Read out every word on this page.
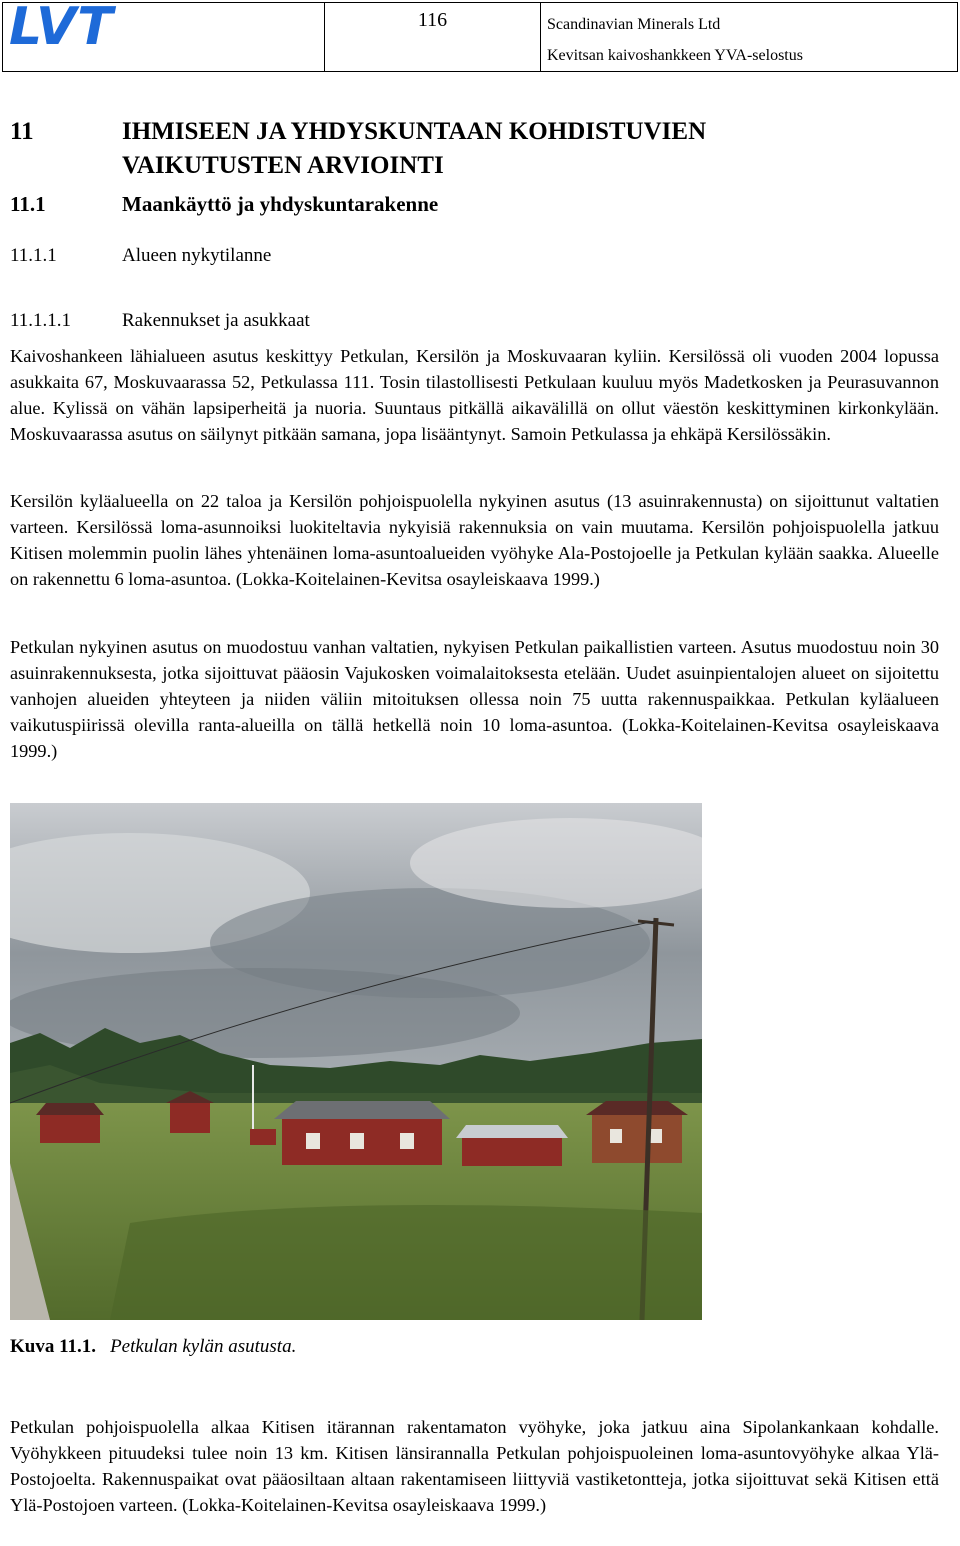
LVT	116	Scandinavian Minerals Ltd
Kevitsan kaivoshankkeen YVA-selostus
11	IHMISEEN JA YHDYSKUNTAAN KOHDISTUVIEN
VAIKUTUSTEN ARVIOINTI
11.1	Maankäyttö ja yhdyskuntarakenne
11.1.1	Alueen nykytilanne
11.1.1.1	Rakennukset ja asukkaat

Kaivoshankeen lähialueen asutus keskittyy Petkulan, Kersilön ja Moskuvaaran kyliin. Kersilössä oli vuoden 2004 lopussa asukkaita 67, Moskuvaarassa 52, Petkulassa 111. Tosin tilastollisesti Petkulaan kuuluu myös Madetkosken ja Peurasuvannon alue. Kylissä on vähän lapsiperheitä ja nuoria. Suuntaus pitkällä aikavälillä on ollut väestön keskittyminen kirkonkylään. Moskuvaarassa asutus on säilynyt pitkään samana, jopa lisääntynyt. Samoin Petkulassa ja ehkäpä Kersilössäkin.

Kersilön kyläalueella on 22 taloa ja Kersilön pohjoispuolella nykyinen asutus (13 asuinrakennusta) on sijoittunut valtatien varteen. Kersilössä loma-asunnoiksi luokiteltavia nykyisiä rakennuksia on vain muutama. Kersilön pohjoispuolella jatkuu Kitisen molemmin puolin lähes yhtenäinen loma-asuntoalueiden vyöhyke Ala-Postojoelle ja Petkulan kylään saakka. Alueelle on rakennettu 6 loma-asuntoa. (Lokka-Koitelainen-Kevitsa osayleiskaava 1999.)

Petkulan nykyinen asutus on muodostuu vanhan valtatien, nykyisen Petkulan paikallistien varteen. Asutus muodostuu noin 30 asuinrakennuksesta, jotka sijoittuvat pääosin Vajukosken voimalaitoksesta etelään. Uudet asuinpientalojen alueet on sijoitettu vanhojen alueiden yhteyteen ja niiden väliin mitoituksen ollessa noin 75 uutta rakennuspaikkaa. Petkulan kyläalueen vaikutuspiirissä olevilla ranta-alueilla on tällä hetkellä noin 10 loma-asuntoa. (Lokka-Koitelainen-Kevitsa osayleiskaava 1999.)

Kuva 11.1. Petkulan kylän asutusta.

Petkulan pohjoispuolella alkaa Kitisen itärannan rakentamaton vyöhyke, joka jatkuu aina Sipolankankaan kohdalle. Vyöhykkeen pituudeksi tulee noin 13 km. Kitisen länsirannalla Petkulan pohjoispuoleinen loma-asuntovyöhyke alkaa Ylä-Postojoelta. Rakennuspaikat ovat pääosiltaan altaan rakentamiseen liittyviä vastiketontteja, jotka sijoittuvat sekä Kitisen että Ylä-Postojoen varteen. (Lokka-Koitelainen-Kevitsa osayleiskaava 1999.)
